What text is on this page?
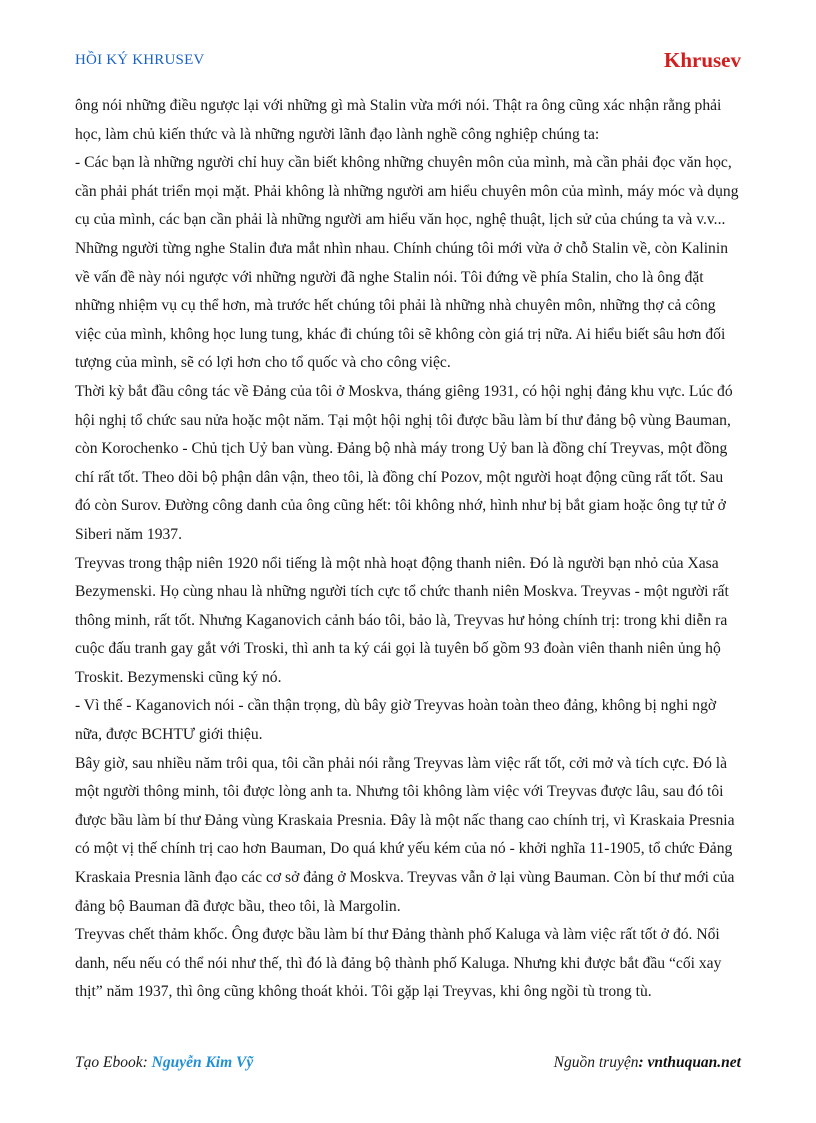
HỒI KÝ KHRUSEV	Khrusev

ông nói những điều ngược lại với những gì mà Stalin vừa mới nói. Thật ra ông cũng xác nhận rằng phải học, làm chủ kiến thức và là những người lãnh đạo lành nghề công nghiệp chúng ta:

- Các bạn là những người chỉ huy cần biết không những chuyên môn của mình, mà cần phải đọc văn học, cần phải phát triển mọi mặt. Phải không là những người am hiểu chuyên môn của mình, máy móc và dụng cụ của mình, các bạn cần phải là những người am hiểu văn học, nghệ thuật, lịch sử của chúng ta và v.v...

Những người từng nghe Stalin đưa mắt nhìn nhau. Chính chúng tôi mới vừa ở chỗ Stalin về, còn Kalinin về vấn đề này nói ngược với những người đã nghe Stalin nói. Tôi đứng về phía Stalin, cho là ông đặt những nhiệm vụ cụ thể hơn, mà trước hết chúng tôi phải là những nhà chuyên môn, những thợ cả công việc của mình, không học lung tung, khác đi chúng tôi sẽ không còn giá trị nữa. Ai hiểu biết sâu hơn đối tượng của mình, sẽ có lợi hơn cho tổ quốc và cho công việc.

Thời kỳ bắt đầu công tác về Đảng của tôi ở Moskva, tháng giêng 1931, có hội nghị đảng khu vực. Lúc đó hội nghị tổ chức sau nửa hoặc một năm. Tại một hội nghị tôi được bầu làm bí thư đảng bộ vùng Bauman, còn Korochenko - Chủ tịch Uỷ ban vùng. Đảng bộ nhà máy trong Uỷ ban là đồng chí Treyvas, một đồng chí rất tốt. Theo dõi bộ phận dân vận, theo tôi, là đồng chí Pozov, một người hoạt động cũng rất tốt. Sau đó còn Surov. Đường công danh của ông cũng hết: tôi không nhớ, hình như bị bắt giam hoặc ông tự tử ở Siberi năm 1937.

Treyvas trong thập niên 1920 nổi tiếng là một nhà hoạt động thanh niên. Đó là người bạn nhỏ của Xasa Bezymenski. Họ cùng nhau là những người tích cực tổ chức thanh niên Moskva. Treyvas - một người rất thông minh, rất tốt. Nhưng Kaganovich cảnh báo tôi, bảo là, Treyvas hư hỏng chính trị: trong khi diễn ra cuộc đấu tranh gay gắt với Troski, thì anh ta ký cái gọi là tuyên bố gồm 93 đoàn viên thanh niên ủng hộ Troskit. Bezymenski cũng ký nó.

- Vì thế - Kaganovich nói - cần thận trọng, dù bây giờ Treyvas hoàn toàn theo đảng, không bị nghi ngờ nữa, được BCHTƯ giới thiệu.

Bây giờ, sau nhiều năm trôi qua, tôi cần phải nói rằng Treyvas làm việc rất tốt, cởi mở và tích cực. Đó là một người thông minh, tôi được lòng anh ta. Nhưng tôi không làm việc với Treyvas được lâu, sau đó tôi được bầu làm bí thư Đảng vùng Kraskaia Presnia. Đây là một nấc thang cao chính trị, vì Kraskaia Presnia có một vị thế chính trị cao hơn Bauman, Do quá khứ yếu kém của nó - khởi nghĩa 11-1905, tổ chức Đảng Kraskaia Presnia lãnh đạo các cơ sở đảng ở Moskva. Treyvas vẫn ở lại vùng Bauman. Còn bí thư mới của đảng bộ Bauman đã được bầu, theo tôi, là Margolin.

Treyvas chết thảm khốc. Ông được bầu làm bí thư Đảng thành phố Kaluga và làm việc rất tốt ở đó. Nổi danh, nếu nếu có thể nói như thế, thì đó là đảng bộ thành phố Kaluga. Nhưng khi được bắt đầu “cối xay thịt” năm 1937, thì ông cũng không thoát khỏi. Tôi gặp lại Treyvas, khi ông ngồi tù trong tù.

Tạo Ebook: Nguyễn Kim Vỹ	Nguồn truyện: vnthuquan.net
